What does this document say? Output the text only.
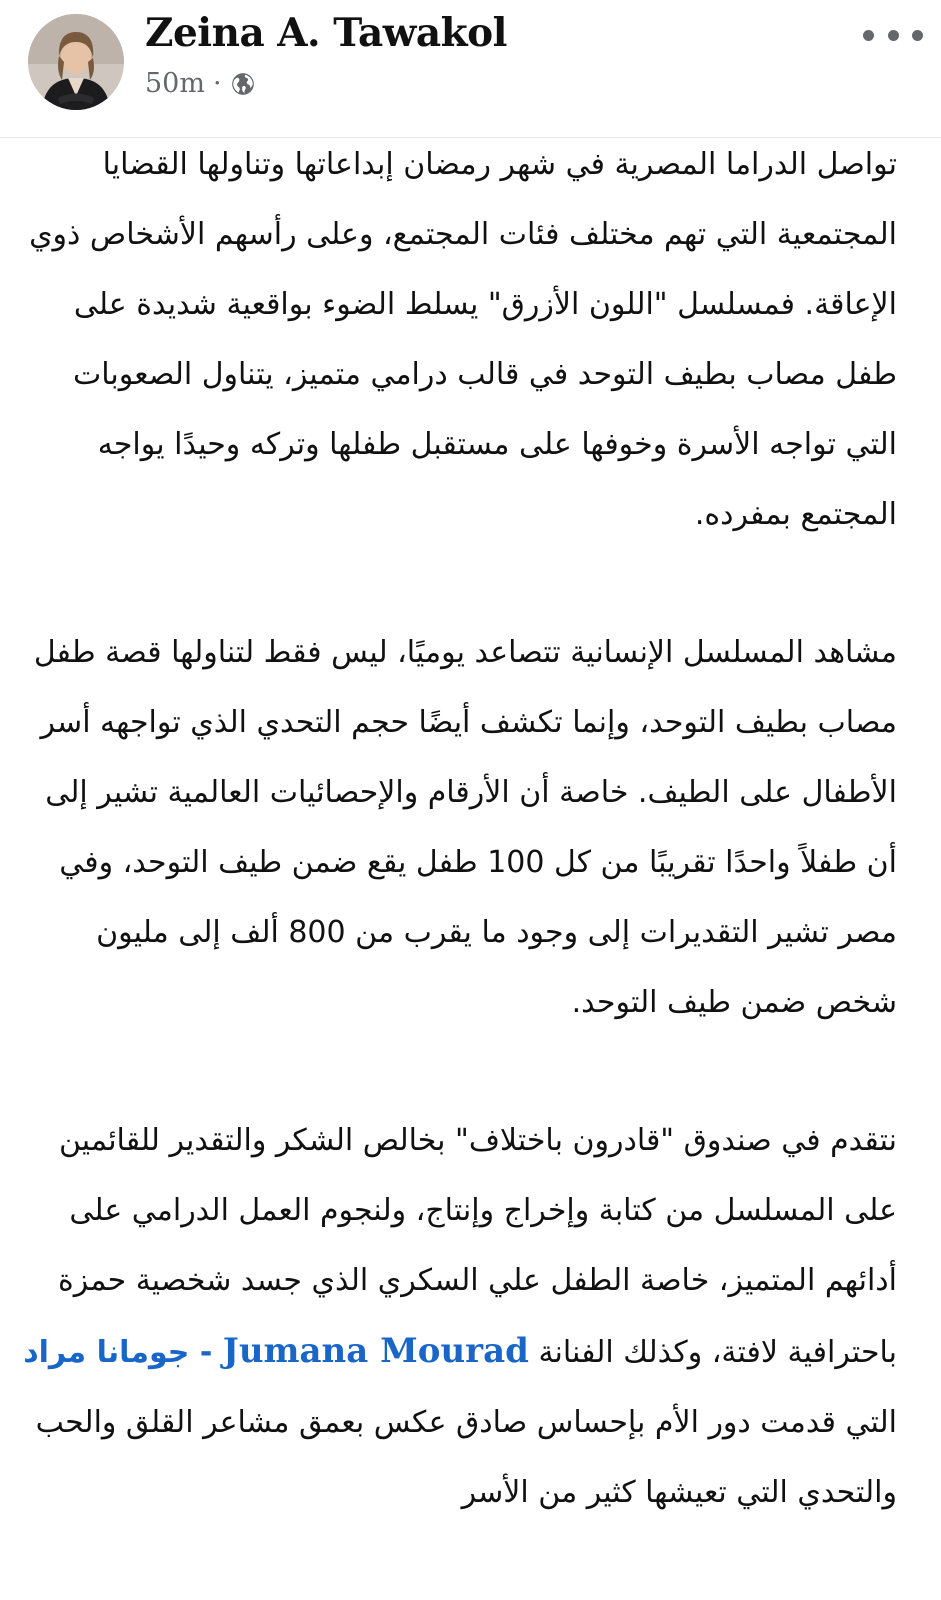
Zeina A. Tawakol
50m ·

تواصل الدراما المصرية في شهر رمضان إبداعاتها وتناولها القضايا المجتمعية التي تهم مختلف فئات المجتمع، وعلى رأسهم الأشخاص ذوي الإعاقة. فمسلسل "اللون الأزرق" يسلط الضوء بواقعية شديدة على طفل مصاب بطيف التوحد في قالب درامي متميز، يتناول الصعوبات التي تواجه الأسرة وخوفها على مستقبل طفلها وتركه وحيدًا يواجه المجتمع بمفرده.

مشاهد المسلسل الإنسانية تتصاعد يوميًا، ليس فقط لتناولها قصة طفل مصاب بطيف التوحد، وإنما تكشف أيضًا حجم التحدي الذي تواجهه أسر الأطفال على الطيف. خاصة أن الأرقام والإحصائيات العالمية تشير إلى أن طفلاً واحدًا تقريبًا من كل 100 طفل يقع ضمن طيف التوحد، وفي مصر تشير التقديرات إلى وجود ما يقرب من 800 ألف إلى مليون شخص ضمن طيف التوحد.

نتقدم في صندوق "قادرون باختلاف" بخالص الشكر والتقدير للقائمين على المسلسل من كتابة وإخراج وإنتاج، ولنجوم العمل الدرامي على أدائهم المتميز، خاصة الطفل علي السكري الذي جسد شخصية حمزة باحترافية لافتة، وكذلك الفنانة Jumana Mourad - جومانا مراد التي قدمت دور الأم بإحساس صادق عكس بعمق مشاعر القلق والحب والتحدي التي تعيشها كثير من الأسر
